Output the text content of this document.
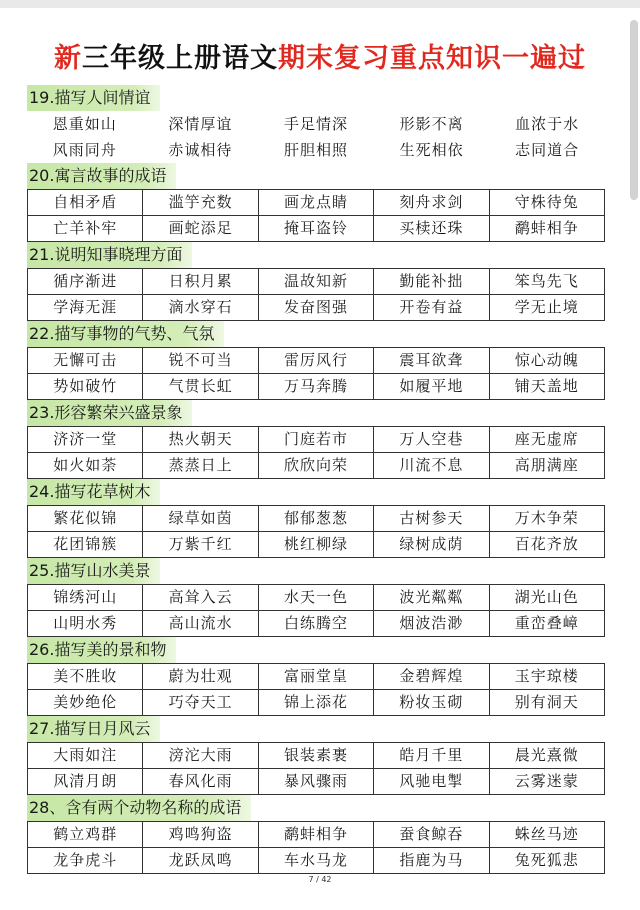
新三年级上册语文期末复习重点知识一遍过
19.描写人间情谊
恩重如山	深情厚谊	手足情深	形影不离	血浓于水
风雨同舟	赤诚相待	肝胆相照	生死相依	志同道合
20.寓言故事的成语
自相矛盾	滥竽充数	画龙点睛	刻舟求剑	守株待兔
亡羊补牢	画蛇添足	掩耳盗铃	买椟还珠	鹬蚌相争
21.说明知事晓理方面
循序渐进	日积月累	温故知新	勤能补拙	笨鸟先飞
学海无涯	滴水穿石	发奋图强	开卷有益	学无止境
22.描写事物的气势、气氛
无懈可击	锐不可当	雷厉风行	震耳欲聋	惊心动魄
势如破竹	气贯长虹	万马奔腾	如履平地	铺天盖地
23.形容繁荣兴盛景象
济济一堂	热火朝天	门庭若市	万人空巷	座无虚席
如火如荼	蒸蒸日上	欣欣向荣	川流不息	高朋满座
24.描写花草树木
繁花似锦	绿草如茵	郁郁葱葱	古树参天	万木争荣
花团锦簇	万紫千红	桃红柳绿	绿树成荫	百花齐放
25.描写山水美景
锦绣河山	高耸入云	水天一色	波光粼粼	湖光山色
山明水秀	高山流水	白练腾空	烟波浩渺	重峦叠嶂
26.描写美的景和物
美不胜收	蔚为壮观	富丽堂皇	金碧辉煌	玉宇琼楼
美妙绝伦	巧夺天工	锦上添花	粉妆玉砌	别有洞天
27.描写日月风云
大雨如注	滂沱大雨	银装素裹	皓月千里	晨光熹微
风清月朗	春风化雨	暴风骤雨	风驰电掣	云雾迷蒙
28、含有两个动物名称的成语
鹤立鸡群	鸡鸣狗盗	鹬蚌相争	蚕食鲸吞	蛛丝马迹
龙争虎斗	龙跃凤鸣	车水马龙	指鹿为马	兔死狐悲
7 / 42
